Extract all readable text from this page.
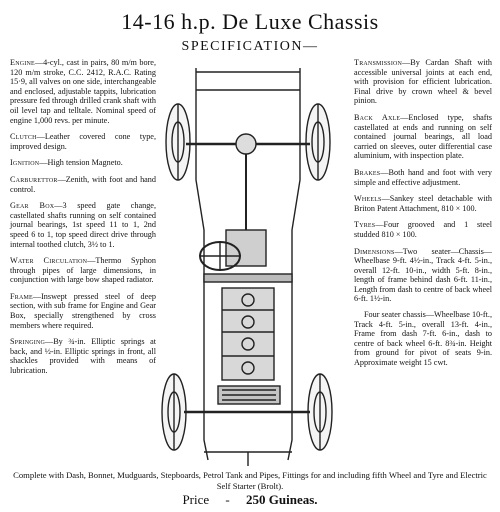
14-16 h.p. De Luxe Chassis
SPECIFICATION—
Engine—4-cyl., cast in pairs, 80 m/m bore, 120 m/m stroke, C.C. 2412, R.A.C. Rating 15·9, all valves on one side, interchangeable and enclosed, adjustable tappits, lubrication pressure fed through drilled crank shaft with oil level tap and telltale. Nominal speed of engine 1,000 revs. per minute.
Clutch—Leather covered cone type, improved design.
Ignition—High tension Magneto.
Carburettor—Zenith, with foot and hand control.
Gear Box—3 speed gate change, castellated shafts running on self contained journal bearings, 1st speed 11 to 1, 2nd speed 6 to 1, top speed direct drive through internal toothed clutch, 3½ to 1.
Water Circulation—Thermo Syphon through pipes of large dimensions, in conjunction with large bow shaped radiator.
Frame—Inswept pressed steel of deep section, with sub frame for Engine and Gear Box, specially strengthened by cross members where required.
Springing—By ¾-in. Elliptic springs at back, and ½-in. Elliptic springs in front, all shackles provided with means of lubrication.
Transmission—By Cardan Shaft with accessible universal joints at each end, with provision for efficient lubrication. Final drive by crown wheel & bevel pinion.
Back Axle—Enclosed type, shafts castellated at ends and running on self contained journal bearings, all load carried on sleeves, outer differential case aluminium, with inspection plate.
Brakes—Both hand and foot with very simple and effective adjustment.
Wheels—Sankey steel detachable with Briton Patent Attachment, 810 × 100.
Tyres—Four grooved and 1 steel studded 810 × 100.
Dimensions—Two seater—Chassis—Wheelbase 9-ft. 4½-in., Track 4-ft. 5-in., overall 12-ft. 10-in., width 5-ft. 8-in., length of frame behind dash 6-ft. 11-in., Length from dash to centre of back wheel 6-ft. 1½-in.
Four seater chassis—Wheelbase 10-ft., Track 4-ft. 5-in., overall 13-ft. 4-in., Frame from dash 7-ft. 6-in., dash to centre of back wheel 6-ft. 8¾-in. Height from ground for pivot of seats 9-in. Approximate weight 15 cwt.
Complete with Dash, Bonnet, Mudguards, Stepboards, Petrol Tank and Pipes, Fittings for and including fifth Wheel and Tyre and Electric Self Starter (Brolt).
Price - 250 Guineas.
